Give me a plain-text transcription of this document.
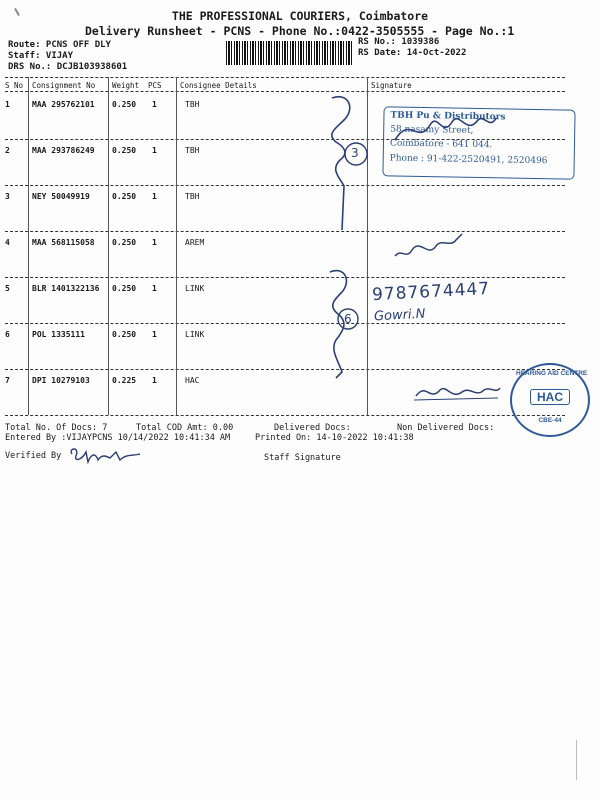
THE PROFESSIONAL COURIERS, Coimbatore
Delivery Runsheet - PCNS - Phone No.:0422-3505555 - Page No.:1
Route: PCNS OFF DLY
Staff: VIJAY
DRS No.: DCJB103938601
RS No.: 1039386
RS Date: 14-Oct-2022
S No Consignment No Weight PCS Consignee Details	Signature
1	MAA 295762101 0.250 1	TBH
2	MAA 293786249 0.250 1	TBH
3	NEY 50049919	0.250 1	TBH
4	MAA 568115058 0.250 1	AREM
5	BLR 1401322136 0.250 1	LINK
6	POL 1335111	0.250 1	LINK
7	DPI 10279103	0.225 1	HAC
3
6
TBH Pu & Distributors
58 nasamy Street,
Coimbatore - 641 044.
Phone : 91-422-2520491, 2520496
9787674447
Gowri.N
HEARING AID CENTRE
HAC
CBE-44
Total No. Of Docs: 7	Total COD Amt: 0.00	Delivered Docs:	Non Delivered Docs:
Entered By :VIJAYPCNS 10/14/2022 10:41:34 AM	Printed On: 14-10-2022 10:41:38
Verified By	Staff Signature
